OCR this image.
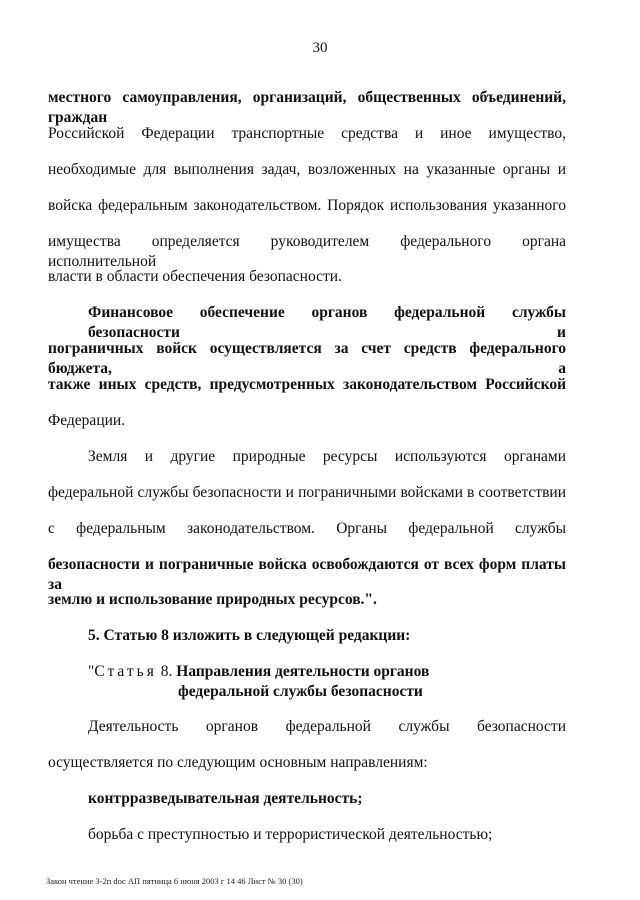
30
местного самоуправления, организаций, общественных объединений, граждан
Российской Федерации транспортные средства и иное имущество,
необходимые для выполнения задач, возложенных на указанные органы и
войска федеральным законодательством. Порядок использования указанного
имущества определяется руководителем федерального органа исполнительной
власти в области обеспечения безопасности.
Финансовое обеспечение органов федеральной службы безопасности и
пограничных войск осуществляется за счет средств федерального бюджета, а
также иных средств, предусмотренных законодательством Российской
Федерации.
Земля и другие природные ресурсы используются органами
федеральной службы безопасности и пограничными войсками в соответствии
с федеральным законодательством. Органы федеральной службы
безопасности и пограничные войска освобождаются от всех форм платы за
землю и использование природных ресурсов.".
5. Статью 8 изложить в следующей редакции:
"Статья 8. Направления деятельности органов
федеральной службы безопасности
Деятельность органов федеральной службы безопасности
осуществляется по следующим основным направлениям:
контрразведывательная деятельность;
борьба с преступностью и террористической деятельностью;
Закон чтение 3-2п doc АП пятница 6 июня 2003 г 14 46 Лист № 30 (30)
